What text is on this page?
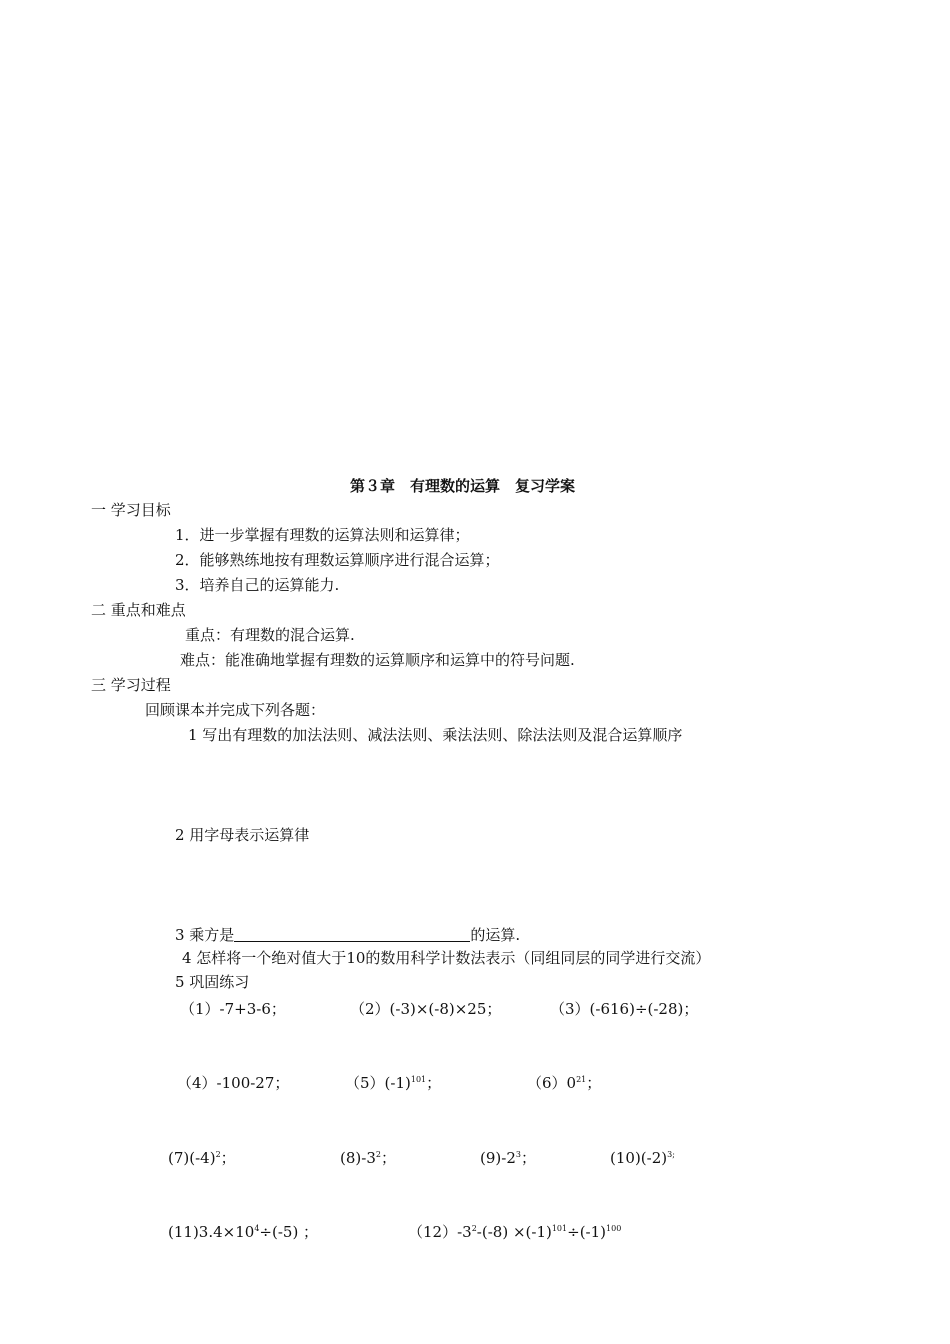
第３章　有理数的运算　复习学案
一 学习目标
1．进一步掌握有理数的运算法则和运算律；
2．能够熟练地按有理数运算顺序进行混合运算；
3．培养自己的运算能力.
二 重点和难点
重点：有理数的混合运算.
难点：能准确地掌握有理数的运算顺序和运算中的符号问题.
三 学习过程
回顾课本并完成下列各题：
1 写出有理数的加法法则、减法法则、乘法法则、除法法则及混合运算顺序
2 用字母表示运算律
3 乘方是	的运算.
4 怎样将一个绝对值大于10的数用科学计数法表示（同组同层的同学进行交流）
5 巩固练习
（1）-7+3-6；	（2）(-3)×(-8)×25；	（3）(-616)÷(-28)；
（4）-100-27；	$(5)(-1)^{101}$；	$(6)0^{21}$；
$(7)(-4)^2$；	$(8)-3^2$；	$(9)-2^3$；	$(10)(-2)^{3;}$
$(11)3.4\times 10^4\div(-5)$ ；	$(12)-3^2-(-8) \times(-1)^{101}\div(-1)^{100}$
